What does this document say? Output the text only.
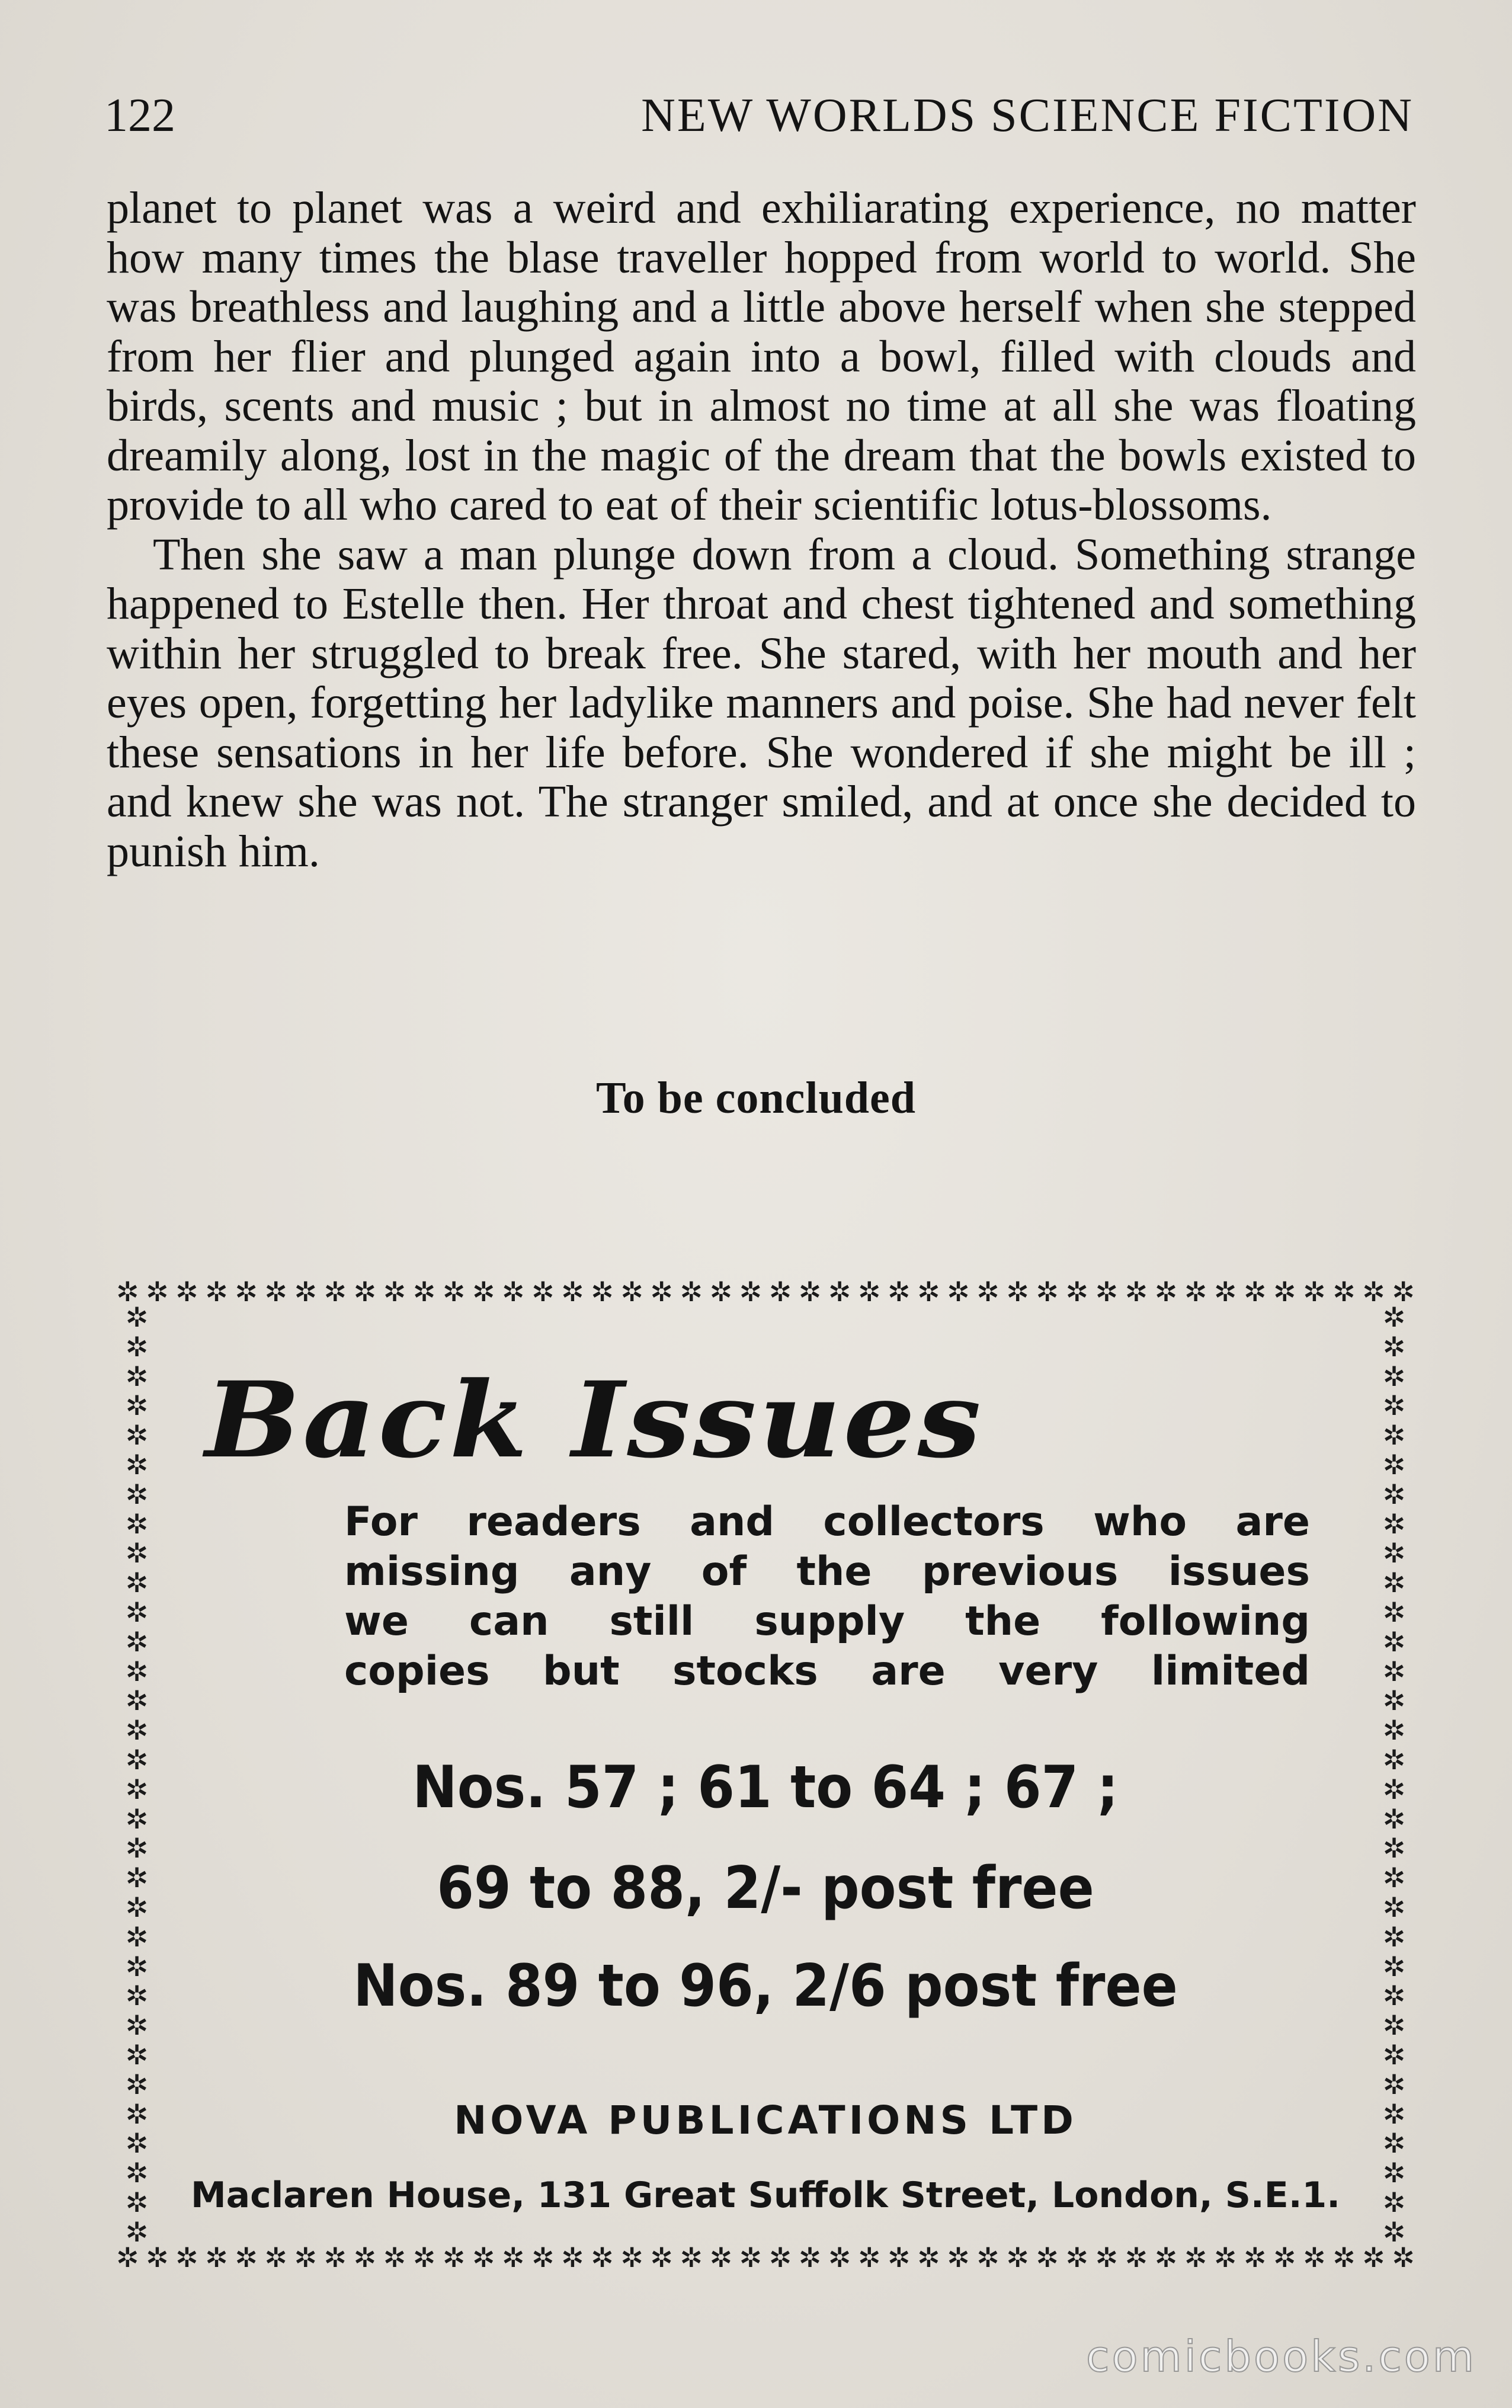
122	NEW WORLDS SCIENCE FICTION

planet to planet was a weird and exhiliarating experience, no matter how many times the blase traveller hopped from world to world. She was breathless and laughing and a little above herself when she stepped from her flier and plunged again into a bowl, filled with clouds and birds, scents and music ; but in almost no time at all she was floating dreamily along, lost in the magic of the dream that the bowls existed to provide to all who cared to eat of their scientific lotus-blossoms.

Then she saw a man plunge down from a cloud. Something strange happened to Estelle then. Her throat and chest tightened and something within her struggled to break free. She stared, with her mouth and her eyes open, forgetting her ladylike manners and poise. She had never felt these sensations in her life before. She wondered if she might be ill ; and knew she was not. The stranger smiled, and at once she decided to punish him.

To be concluded
✲ ✲ ✲ ✲ ✲ ✲ ✲ ✲ ✲ ✲ ✲ ✲ ✲ ✲ ✲ ✲ ✲ ✲ ✲ ✲ ✲ ✲ ✲ ✲ ✲ ✲ ✲ ✲ ✲ ✲ ✲ ✲ ✲ ✲ ✲ ✲ ✲ ✲ ✲ ✲ ✲ ✲ ✲ ✲
✲ ✲ ✲ ✲ ✲ ✲ ✲ ✲ ✲ ✲ ✲ ✲ ✲ ✲ ✲ ✲ ✲ ✲ ✲ ✲ ✲ ✲ ✲ ✲ ✲ ✲ ✲ ✲ ✲ ✲ ✲ ✲ ✲ ✲ ✲ ✲ ✲ ✲ ✲ ✲ ✲ ✲ ✲ ✲
✲
✲
✲
✲
✲
✲
✲
✲
✲
✲
✲
✲
✲
✲
✲
✲
✲
✲
✲
✲
✲
✲
✲
✲
✲
✲
✲
✲
✲
✲
✲
✲
✲
✲
✲
✲
✲
✲
✲
✲
✲
✲
✲
✲
✲
✲
✲
✲
✲
✲
✲
✲
✲
✲
✲
✲
✲
✲
✲
✲
✲
✲
✲
✲
Back Issues
For readers and collectors who are
missing any of the previous issues
we can still supply the following
copies but stocks are very limited
Nos. 57 ; 61 to 64 ; 67 ;
69 to 88, 2/- post free
Nos. 89 to 96, 2/6 post free
NOVA PUBLICATIONS LTD
Maclaren House, 131 Great Suffolk Street, London, S.E.1.
comicbooks.com
